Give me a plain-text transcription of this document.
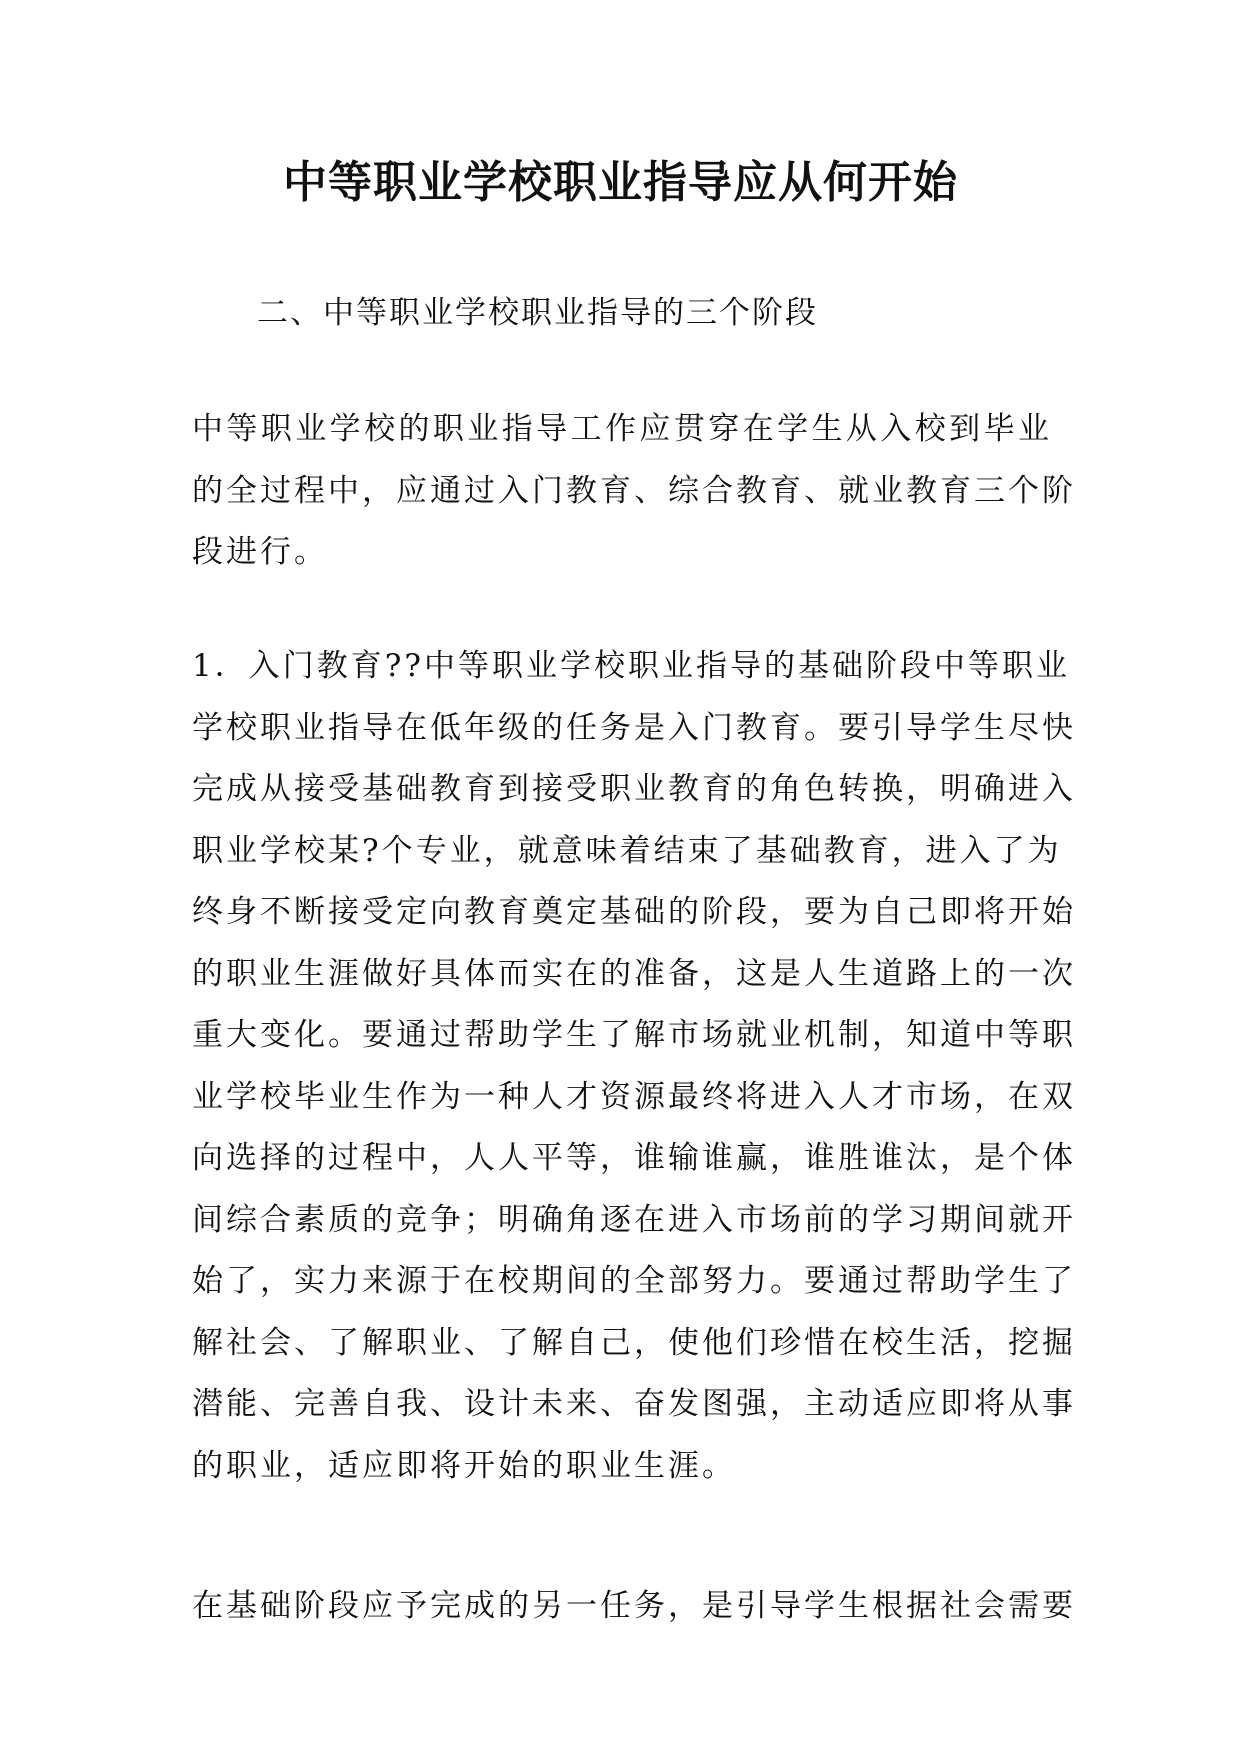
中等职业学校职业指导应从何开始

二、中等职业学校职业指导的三个阶段

中等职业学校的职业指导工作应贯穿在学生从入校到毕业
的全过程中，应通过入门教育、综合教育、就业教育三个阶
段进行。

1．入门教育??中等职业学校职业指导的基础阶段中等职业
学校职业指导在低年级的任务是入门教育。要引导学生尽快
完成从接受基础教育到接受职业教育的角色转换，明确进入
职业学校某?个专业，就意味着结束了基础教育，进入了为
终身不断接受定向教育奠定基础的阶段，要为自己即将开始
的职业生涯做好具体而实在的准备，这是人生道路上的一次
重大变化。要通过帮助学生了解市场就业机制，知道中等职
业学校毕业生作为一种人才资源最终将进入人才市场，在双
向选择的过程中，人人平等，谁输谁赢，谁胜谁汰，是个体
间综合素质的竞争；明确角逐在进入市场前的学习期间就开
始了，实力来源于在校期间的全部努力。要通过帮助学生了
解社会、了解职业、了解自己，使他们珍惜在校生活，挖掘
潜能、完善自我、设计未来、奋发图强，主动适应即将从事
的职业，适应即将开始的职业生涯。

在基础阶段应予完成的另一任务，是引导学生根据社会需要
